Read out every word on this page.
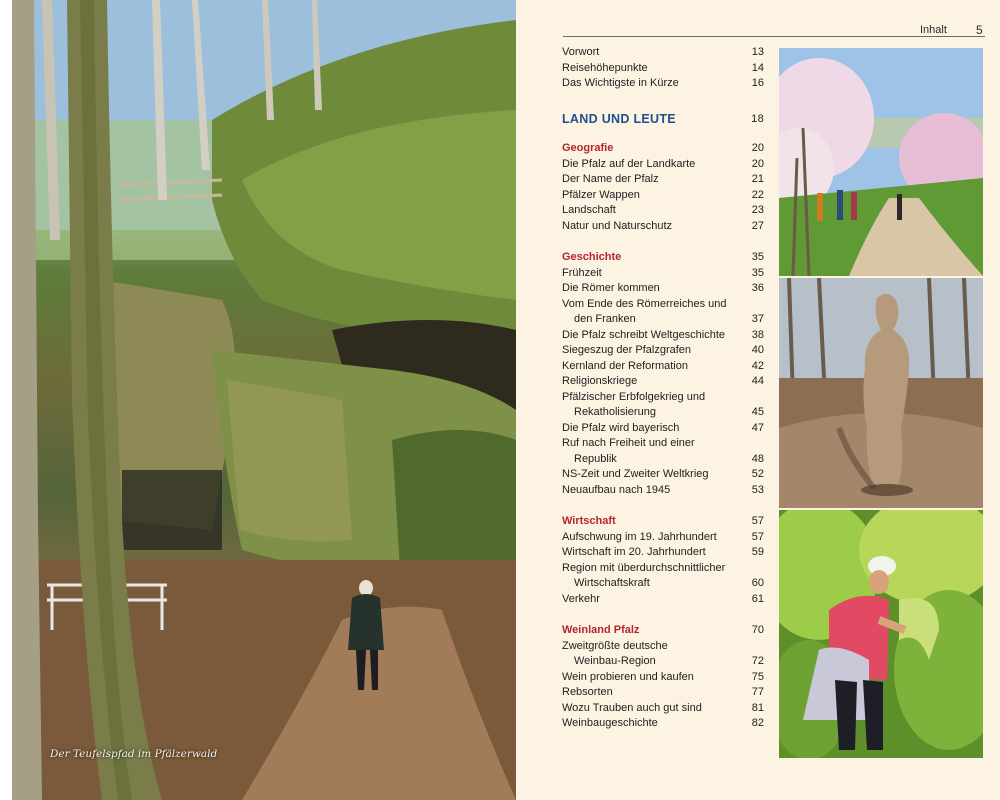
Der Teufelspfad im Pfälzerwald
Inhalt 5
Vorwort	13
Reisehöhepunkte	14
Das Wichtigste in Kürze	16
LAND UND LEUTE	18
Geografie	20
Die Pfalz auf der Landkarte	20
Der Name der Pfalz	21
Pfälzer Wappen	22
Landschaft	23
Natur und Naturschutz	27
Geschichte	35
Frühzeit	35
Die Römer kommen	36
Vom Ende des Römerreiches und
den Franken	37
Die Pfalz schreibt Weltgeschichte	38
Siegeszug der Pfalzgrafen	40
Kernland der Reformation	42
Religionskriege	44
Pfälzischer Erbfolgekrieg und
Rekatholisierung	45
Die Pfalz wird bayerisch	47
Ruf nach Freiheit und einer
Republik	48
NS-Zeit und Zweiter Weltkrieg	52
Neuaufbau nach 1945	53
Wirtschaft	57
Aufschwung im 19. Jahrhundert	57
Wirtschaft im 20. Jahrhundert	59
Region mit überdurchschnittlicher
Wirtschaftskraft	60
Verkehr	61
Weinland Pfalz	70
Zweitgrößte deutsche
Weinbau-Region	72
Wein probieren und kaufen	75
Rebsorten	77
Wozu Trauben auch gut sind	81
Weinbaugeschichte	82
